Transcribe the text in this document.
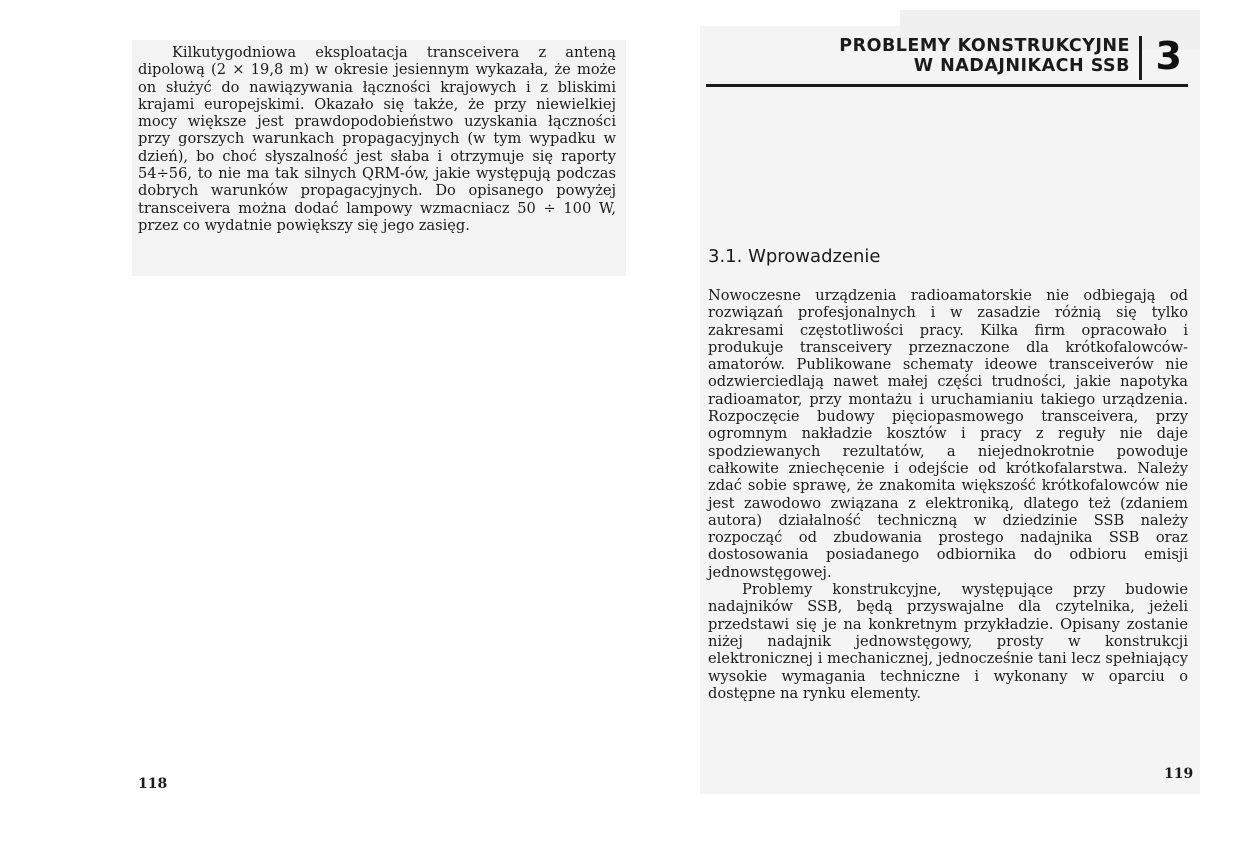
Kilkutygodniowa eksploatacja transceivera z anteną dipolową (2 × 19,8 m) w okresie jesiennym wykazała, że może on służyć do nawiązywania łączności krajowych i z bliskimi krajami europejskimi. Okazało się także, że przy niewielkiej mocy większe jest prawdopodobieństwo uzyskania łączności przy gorszych warunkach propagacyjnych (w tym wypadku w dzień), bo choć słyszalność jest słaba i otrzymuje się raporty 54÷56, to nie ma tak silnych QRM-ów, jakie występują podczas dobrych warunków propagacyjnych. Do opisanego powyżej transceivera można dodać lampowy wzmacniacz 50 ÷ 100 W, przez co wydatnie powiększy się jego zasięg.

118
PROBLEMY KONSTRUKCYJNE
W NADAJNIKACH SSB 3
3.1. Wprowadzenie

Nowoczesne urządzenia radioamatorskie nie odbiegają od rozwiązań profesjonalnych i w zasadzie różnią się tylko zakresami częstotliwości pracy. Kilka firm opracowało i produkuje transceivery przeznaczone dla krótkofalowców-amatorów. Publikowane schematy ideowe transceiverów nie odzwierciedlają nawet małej części trudności, jakie napotyka radioamator, przy montażu i uruchamianiu takiego urządzenia. Rozpoczęcie budowy pięciopasmowego transceivera, przy ogromnym nakładzie kosztów i pracy z reguły nie daje spodziewanych rezultatów, a niejednokrotnie powoduje całkowite zniechęcenie i odejście od krótkofalarstwa. Należy zdać sobie sprawę, że znakomita większość krótkofalowców nie jest zawodowo związana z elektroniką, dlatego też (zdaniem autora) działalność techniczną w dziedzinie SSB należy rozpocząć od zbudowania prostego nadajnika SSB oraz dostosowania posiadanego odbiornika do odbioru emisji jednowstęgowej.

Problemy konstrukcyjne, występujące przy budowie nadajników SSB, będą przyswajalne dla czytelnika, jeżeli przedstawi się je na konkretnym przykładzie. Opisany zostanie niżej nadajnik jednowstęgowy, prosty w konstrukcji elektronicznej i mechanicznej, jednocześnie tani lecz spełniający wysokie wymagania techniczne i wykonany w oparciu o dostępne na rynku elementy.

119
